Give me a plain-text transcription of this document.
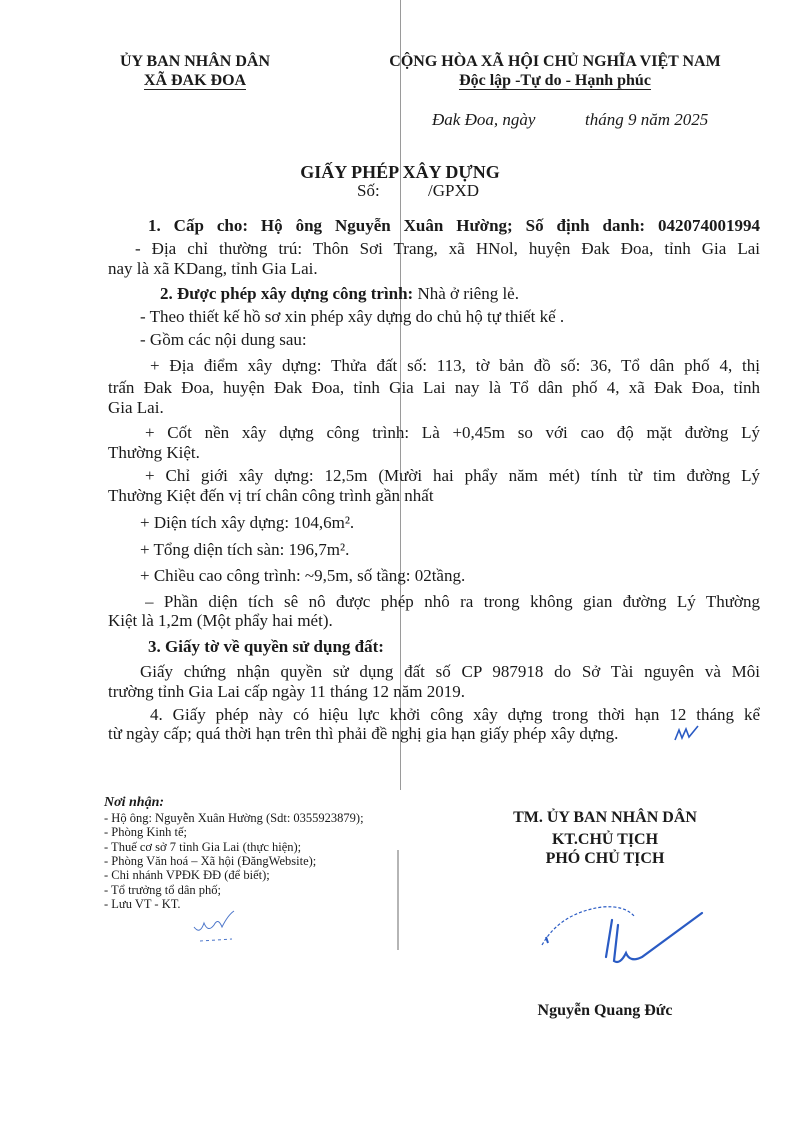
ỦY BAN NHÂN DÂN
XÃ ĐAK ĐOA
CỘNG HÒA XÃ HỘI CHỦ NGHĨA VIỆT NAM
Độc lập -Tự do - Hạnh phúc
Đak Đoa, ngày	tháng 9 năm 2025
GIẤY PHÉP XÂY DỰNG
Số:	/GPXD
1. Cấp cho: Hộ ông Nguyễn Xuân Hường; Số định danh: 042074001994
- Địa chỉ thường trú: Thôn Sơi Trang, xã HNol, huyện Đak Đoa, tỉnh Gia Lai
nay là xã KDang, tỉnh Gia Lai.
2. Được phép xây dựng công trình: Nhà ở riêng lẻ.
- Theo thiết kế hồ sơ xin phép xây dựng do chủ hộ tự thiết kế .
- Gồm các nội dung sau:
+ Địa điểm xây dựng: Thửa đất số: 113, tờ bản đồ số: 36, Tổ dân phố 4, thị
trấn Đak Đoa, huyện Đak Đoa, tỉnh Gia Lai nay là Tổ dân phố 4, xã Đak Đoa, tỉnh
Gia Lai.
+ Cốt nền xây dựng công trình: Là +0,45m so với cao độ mặt đường Lý
Thường Kiệt.
+ Chỉ giới xây dựng: 12,5m (Mười hai phẩy năm mét) tính từ tim đường Lý
Thường Kiệt đến vị trí chân công trình gần nhất
+ Diện tích xây dựng: 104,6m².
+ Tổng diện tích sàn: 196,7m².
+ Chiều cao công trình: ~9,5m, số tầng: 02tầng.
– Phần diện tích sê nô được phép nhô ra trong không gian đường Lý Thường
Kiệt là 1,2m (Một phẩy hai mét).
3. Giấy tờ về quyền sử dụng đất:
Giấy chứng nhận quyền sử dụng đất số CP 987918 do Sở Tài nguyên và Môi
trường tỉnh Gia Lai cấp ngày 11 tháng 12 năm 2019.
4. Giấy phép này có hiệu lực khởi công xây dựng trong thời hạn 12 tháng kể
từ ngày cấp; quá thời hạn trên thì phải đề nghị gia hạn giấy phép xây dựng.
Nơi nhận:
- Hộ ông: Nguyễn Xuân Hường (Sdt: 0355923879);
- Phòng Kinh tế;
- Thuế cơ sở 7 tỉnh Gia Lai (thực hiện);
- Phòng Văn hoá – Xã hội (ĐăngWebsite);
- Chi nhánh VPĐK ĐĐ (để biết);
- Tổ trưởng tổ dân phố;
- Lưu VT - KT.
TM. ỦY BAN NHÂN DÂN
KT.CHỦ TỊCH
PHÓ CHỦ TỊCH
Nguyễn Quang Đức
